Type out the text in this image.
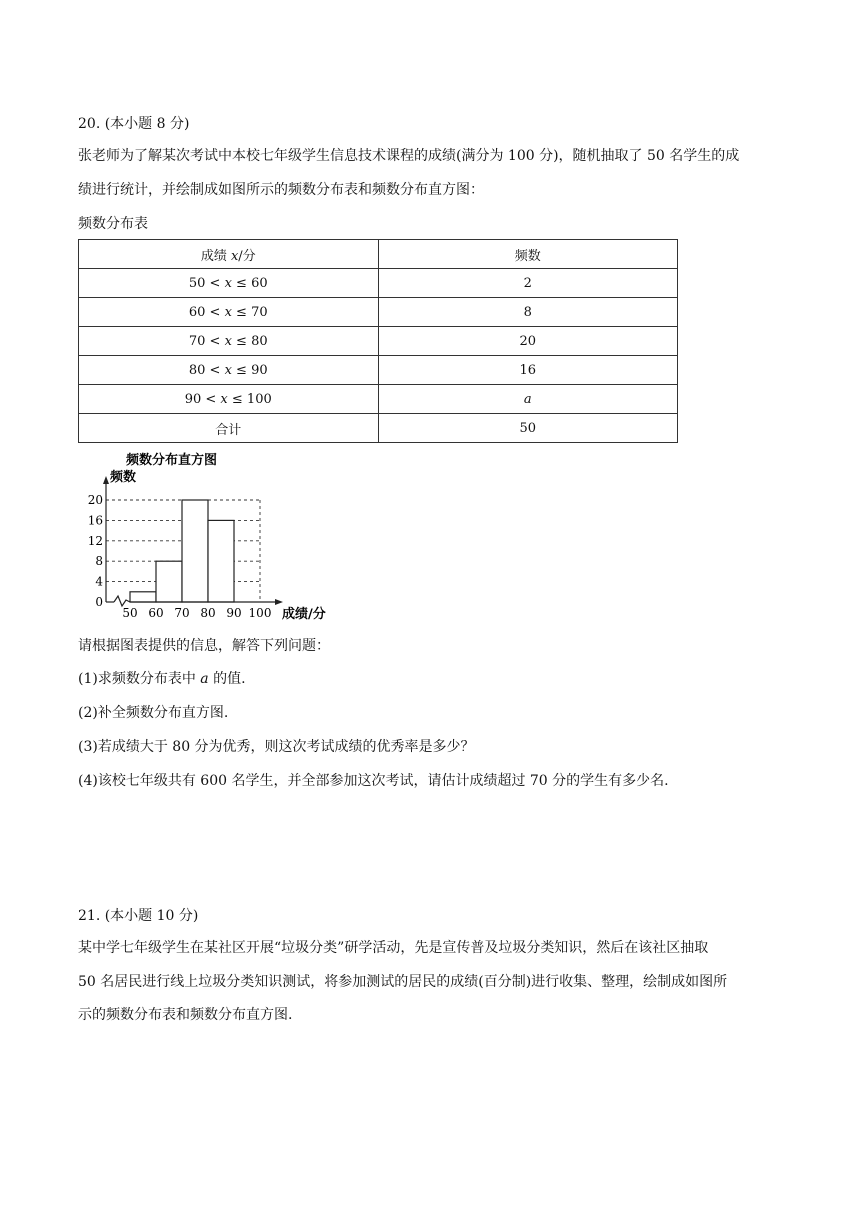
20. (本小题 8 分)
张老师为了解某次考试中本校七年级学生信息技术课程的成绩(满分为 100 分)，随机抽取了 50 名学生的成
绩进行统计，并绘制成如图所示的频数分布表和频数分布直方图：
频数分布表
成绩 𝑥/分	频数
50 < 𝑥 ≤ 60	2
60 < 𝑥 ≤ 70	8
70 < 𝑥 ≤ 80	20
80 < 𝑥 ≤ 90	16
90 < 𝑥 ≤ 100	𝑎
合计	50
频数分布直方图
频数
0
4
8
12
16
20
50 60 70 80 90 100 成绩/分
请根据图表提供的信息，解答下列问题：
(1)求频数分布表中 𝑎 的值.
(2)补全频数分布直方图.
(3)若成绩大于 80 分为优秀，则这次考试成绩的优秀率是多少？
(4)该校七年级共有 600 名学生，并全部参加这次考试，请估计成绩超过 70 分的学生有多少名.
21. (本小题 10 分)
某中学七年级学生在某社区开展“垃圾分类”研学活动，先是宣传普及垃圾分类知识，然后在该社区抽取
50 名居民进行线上垃圾分类知识测试，将参加测试的居民的成绩(百分制)进行收集、整理，绘制成如图所
示的频数分布表和频数分布直方图.
